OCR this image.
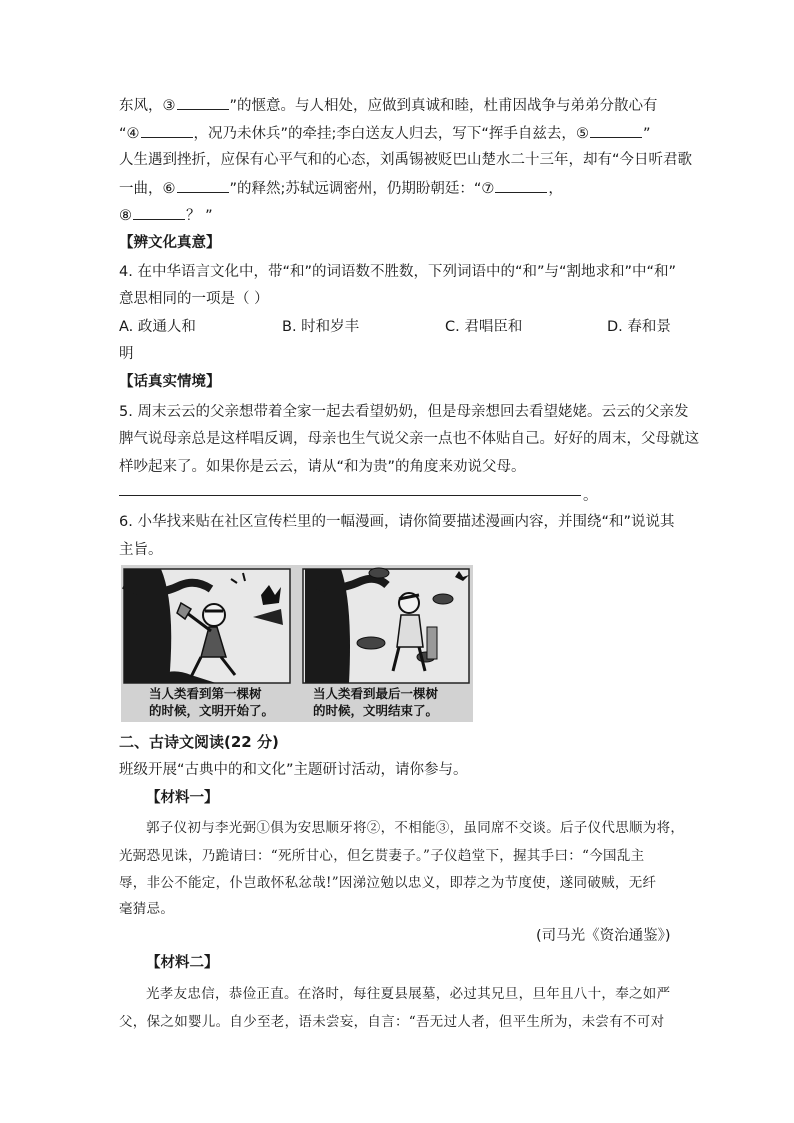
东风，③	”的惬意。与人相处，应做到真诚和睦，杜甫因战争与弟弟分散心有
“④	，况乃未休兵”的牵挂;李白送友人归去，写下“挥手自兹去，⑤	”
人生遇到挫折，应保有心平气和的心态，刘禹锡被贬巴山楚水二十三年，却有“今日听君歌
一曲，⑥	”的释然;苏轼远调密州，仍期盼朝廷：“⑦	，
⑧	？ ”
【辨文化真意】
4. 在中华语言文化中，带“和”的词语数不胜数，下列词语中的“和”与“割地求和”中“和”
意思相同的一项是（ ）
A. 政通人和	B. 时和岁丰	C. 君唱臣和	D. 春和景
明
【话真实情境】
5. 周末云云的父亲想带着全家一起去看望奶奶，但是母亲想回去看望姥姥。云云的父亲发
脾气说母亲总是这样唱反调，母亲也生气说父亲一点也不体贴自己。好好的周末，父母就这
样吵起来了。如果你是云云，请从“和为贵”的角度来劝说父母。
。
6. 小华找来贴在社区宣传栏里的一幅漫画，请你简要描述漫画内容，并围绕“和”说说其
主旨。
当人类看到第一棵树
的时候，文明开始了。
当人类看到最后一棵树
的时候，文明结束了。
二、古诗文阅读(22 分)
班级开展“古典中的和文化”主题研讨活动，请你参与。
【材料一】
郭子仪初与李光弼①俱为安思顺牙将②，不相能③，虽同席不交谈。后子仪代思顺为将，
光弼恐见诛，乃跪请曰：“死所甘心，但乞贳妻子。”子仪趋堂下，握其手曰：“今国乱主
辱，非公不能定，仆岂敢怀私忿哉!”因涕泣勉以忠义，即荐之为节度使，遂同破贼，无纤
毫猜忌。
(司马光《资治通鉴》)
【材料二】
光孝友忠信，恭俭正直。在洛时，每往夏县展墓，必过其兄旦，旦年且八十，奉之如严
父，保之如婴儿。自少至老，语未尝妄，自言：“吾无过人者，但平生所为，未尝有不可对
